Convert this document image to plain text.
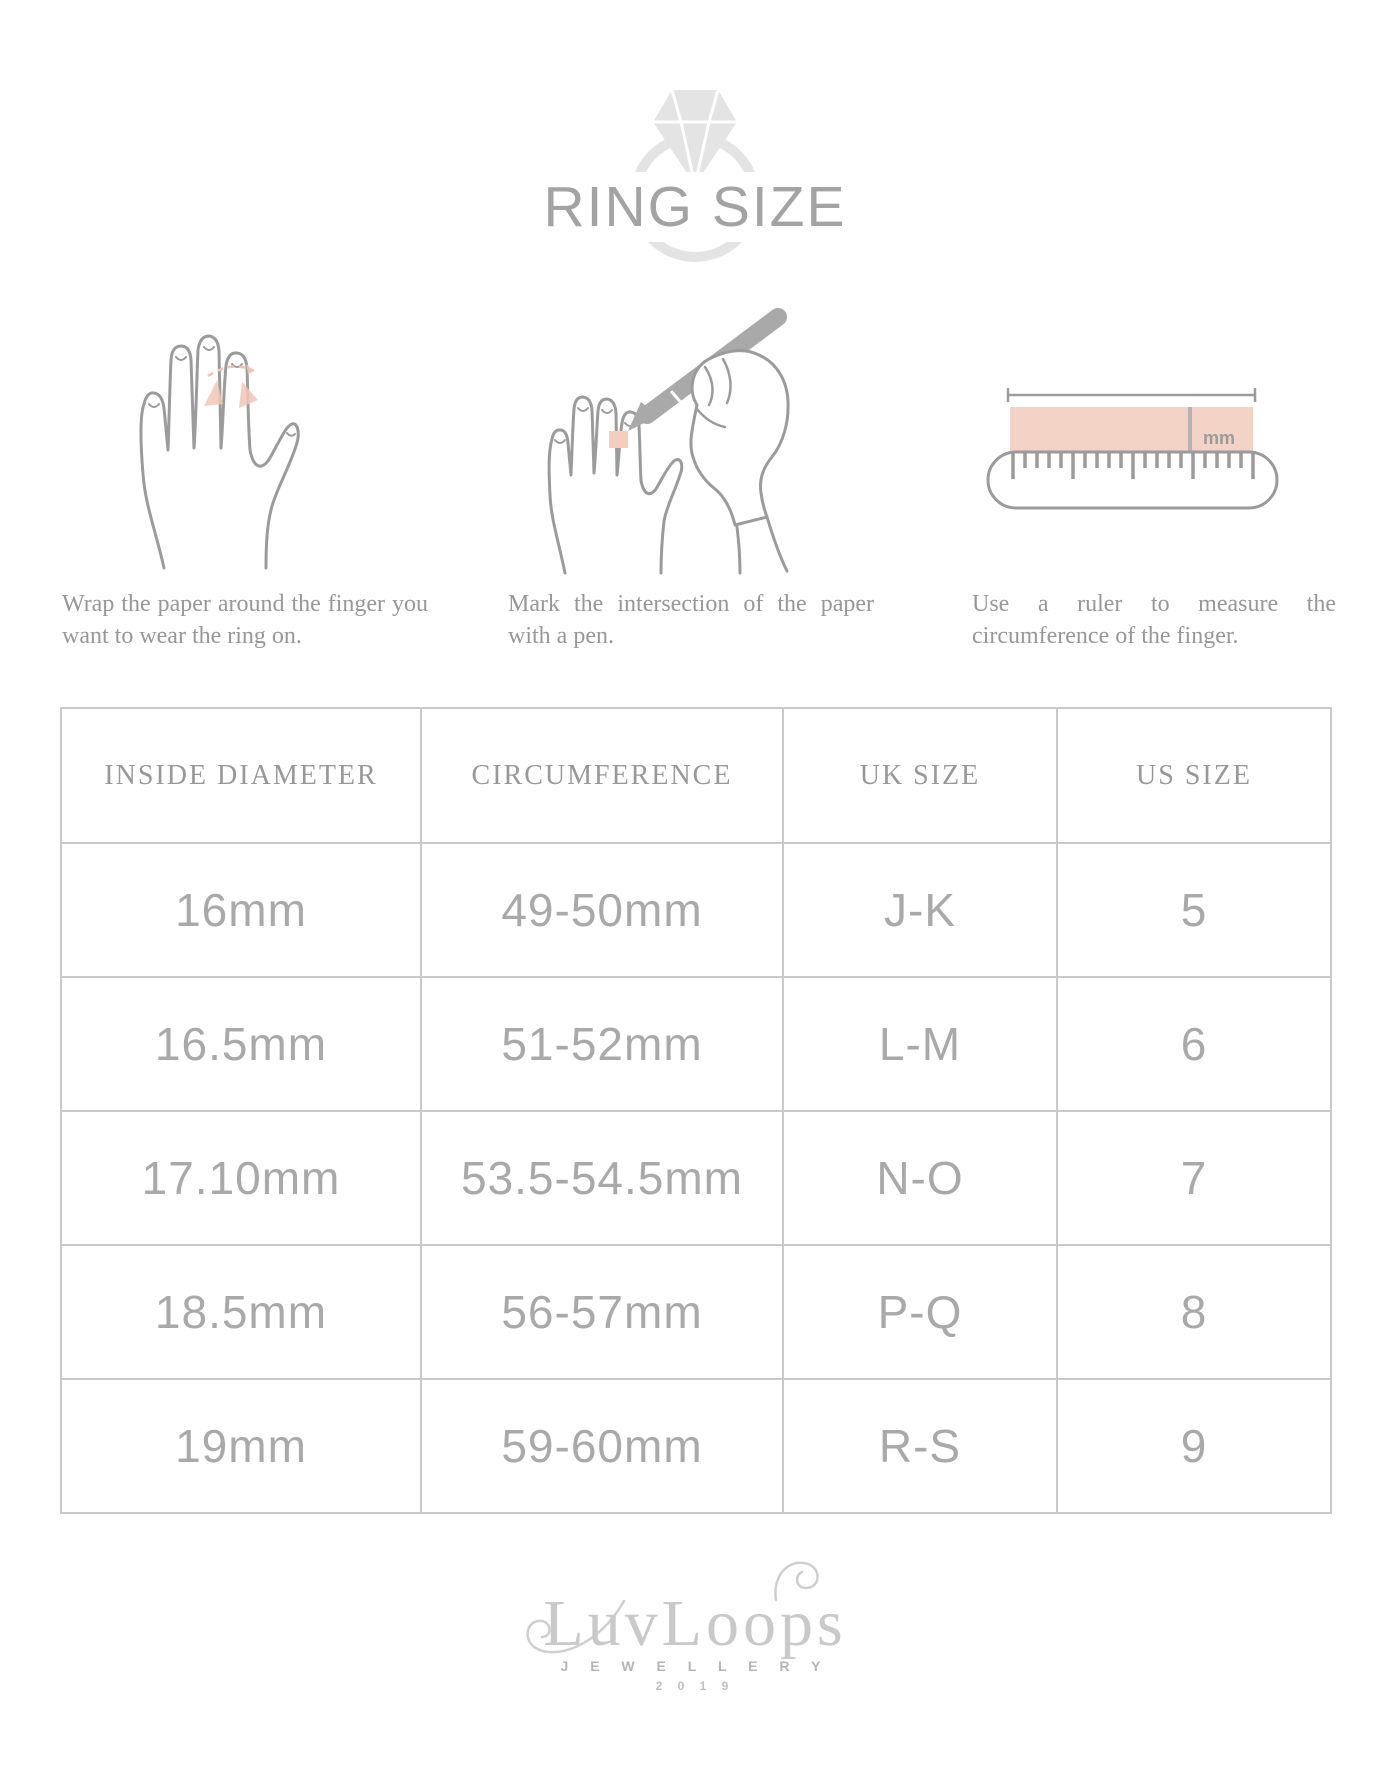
RING SIZE
mm
Wrap the paper around the finger you want to wear the ring on.
Mark the intersection of the paper with a pen.
Use a ruler to measure the circumference of the finger.
INSIDE DIAMETER	CIRCUMFERENCE	UK SIZE	US SIZE
16mm	49-50mm	J-K	5
16.5mm	51-52mm	L-M	6
17.10mm	53.5-54.5mm	N-O	7
18.5mm	56-57mm	P-Q	8
19mm	59-60mm	R-S	9
LuvLoops
J E W E L L E R Y
2 0 1 9
